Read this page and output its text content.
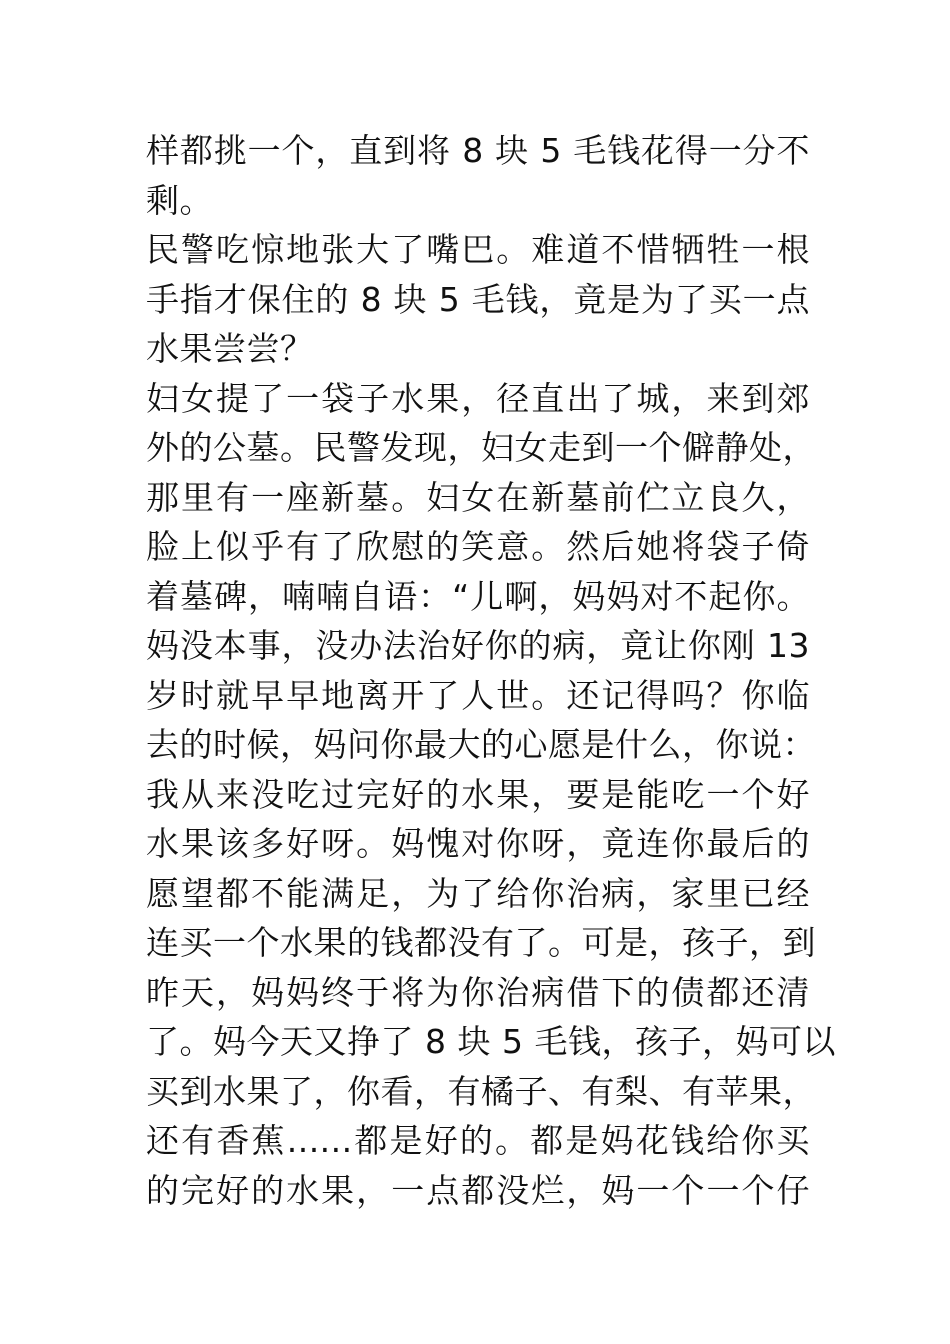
样都挑一个，直到将 8 块 5 毛钱花得一分不
剩。
民警吃惊地张大了嘴巴。难道不惜牺牲一根
手指才保住的 8 块 5 毛钱，竟是为了买一点
水果尝尝？
妇女提了一袋子水果，径直出了城，来到郊
外的公墓。民警发现，妇女走到一个僻静处，
那里有一座新墓。妇女在新墓前伫立良久，
脸上似乎有了欣慰的笑意。然后她将袋子倚
着墓碑，喃喃自语：“儿啊，妈妈对不起你。
妈没本事，没办法治好你的病，竟让你刚 13
岁时就早早地离开了人世。还记得吗？你临
去的时候，妈问你最大的心愿是什么，你说：
我从来没吃过完好的水果，要是能吃一个好
水果该多好呀。妈愧对你呀，竟连你最后的
愿望都不能满足，为了给你治病，家里已经
连买一个水果的钱都没有了。可是，孩子，到
昨天，妈妈终于将为你治病借下的债都还清
了。妈今天又挣了 8 块 5 毛钱，孩子，妈可以
买到水果了，你看，有橘子、有梨、有苹果，
还有香蕉......都是好的。都是妈花钱给你买
的完好的水果，一点都没烂，妈一个一个仔
